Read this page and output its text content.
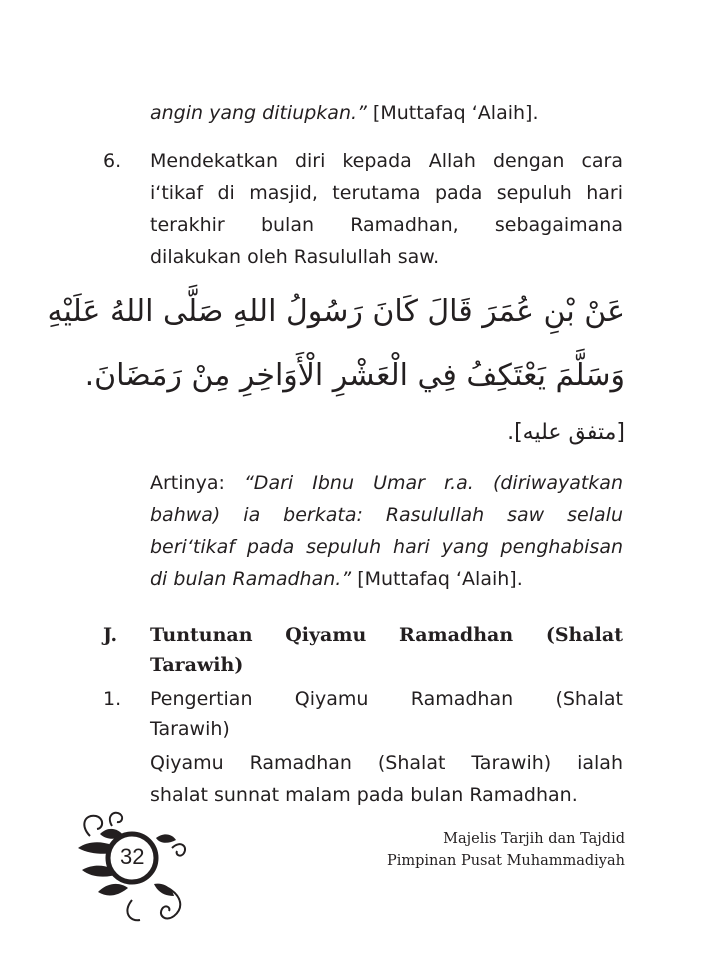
angin yang ditiupkan.” [Muttafaq ‘Alaih].
6. Mendekatkan diri kepada Allah dengan cara
i‘tikaf di masjid, terutama pada sepuluh hari
terakhir bulan Ramadhan, sebagaimana
dilakukan oleh Rasulullah saw.
عَنْ بْنِ عُمَرَ قَالَ كَانَ رَسُولُ اللهِ صَلَّى اللهُ عَلَيْهِ
وَسَلَّمَ يَعْتَكِفُ فِي الْعَشْرِ الْأَوَاخِرِ مِنْ رَمَضَانَ.
[متفق عليه].
Artinya: “Dari Ibnu Umar r.a. (diriwayatkan
bahwa) ia berkata: Rasulullah saw selalu
beri‘tikaf pada sepuluh hari yang penghabisan
di bulan Ramadhan.” [Muttafaq ‘Alaih].
J. Tuntunan Qiyamu Ramadhan (Shalat
Tarawih)
1. Pengertian Qiyamu Ramadhan (Shalat
Tarawih)
Qiyamu Ramadhan (Shalat Tarawih) ialah
shalat sunnat malam pada bulan Ramadhan.
32
Majelis Tarjih dan Tajdid
Pimpinan Pusat Muhammadiyah
